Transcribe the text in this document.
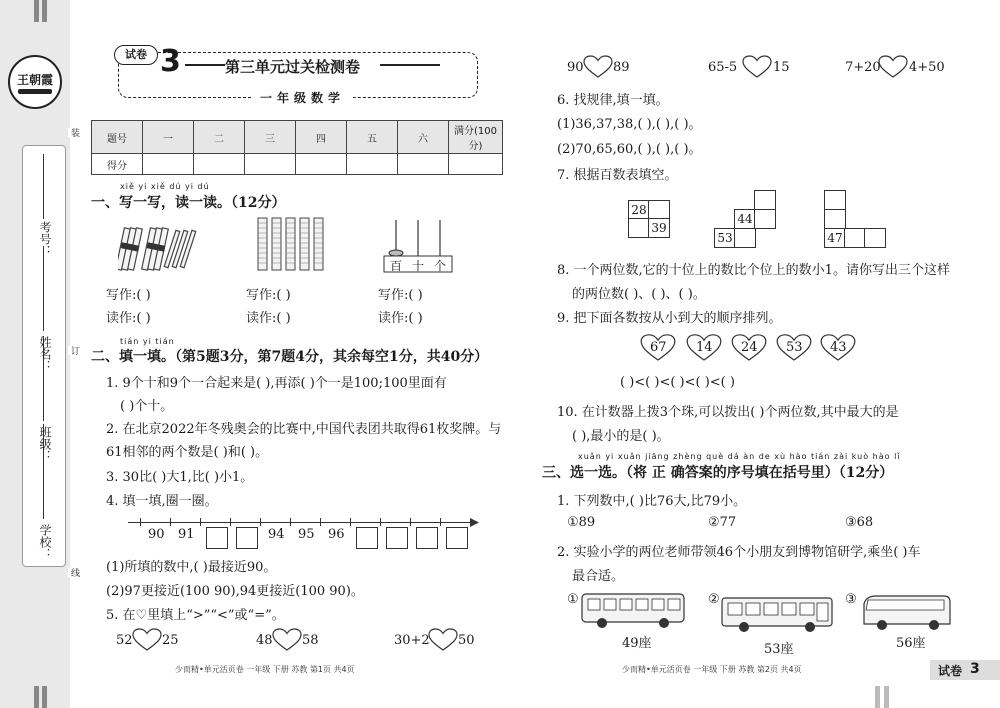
王朝霞
学校：
班级：
姓名：
考号：
装
订
线
试卷 3	第三单元过关检测卷
一年级数学
题号	一	二	三	四	五	六	满分(100分)
得分							
xiě yi xiě dú yi dú
一、写一写，读一读。（12分）
百 十 个
写作:( )	写作:( )	写作:( )
读作:( )	读作:( )	读作:( )
tián yi tián
二、填一填。（第5题3分，第7题4分，其余每空1分，共40分）
1. 9个十和9个一合起来是( ),再添( )个一是100;100里面有
( )个十。
2. 在北京2022年冬残奥会的比赛中,中国代表团共取得61枚奖牌。与
61相邻的两个数是( )和( )。
3. 30比( )大1,比( )小1。
4. 填一填,圈一圈。
90 91	94 95 96
(1)所填的数中,( )最接近90。
(2)97更接近(100 90),94更接近(100 90)。
5. 在♡里填上“>”“<”或“=”。
52 25	48 58	30+2 50
少而精•单元活页卷 一年级 下册 苏教 第1页 共4页
90 89	65-5	15	7+20 4+50
6. 找规律,填一填。
(1)36,37,38,( ),( ),( )。
(2)70,65,60,( ),( ),( )。
7. 根据百数表填空。
28
39
44
53	47
8. 一个两位数,它的十位上的数比个位上的数小1。请你写出三个这样
的两位数( )、( )、( )。
9. 把下面各数按从小到大的顺序排列。
67 14 24 53 43
( )<( )<( )<( )<( )
10. 在计数器上拨3个珠,可以拨出( )个两位数,其中最大的是
( ),最小的是( )。
xuǎn yi xuǎn jiāng zhèng què dá àn de xù hào tián zài kuò hào lǐ
三、选一选。（将 正 确答案的序号填在括号里）（12分）
1. 下列数中,( )比76大,比79小。
①89	②77	③68
2. 实验小学的两位老师带领46个小朋友到博物馆研学,乘坐( )车
最合适。
①
49座
②
53座
③
56座
少而精•单元活页卷 一年级 下册 苏教 第2页 共4页	试卷 3
